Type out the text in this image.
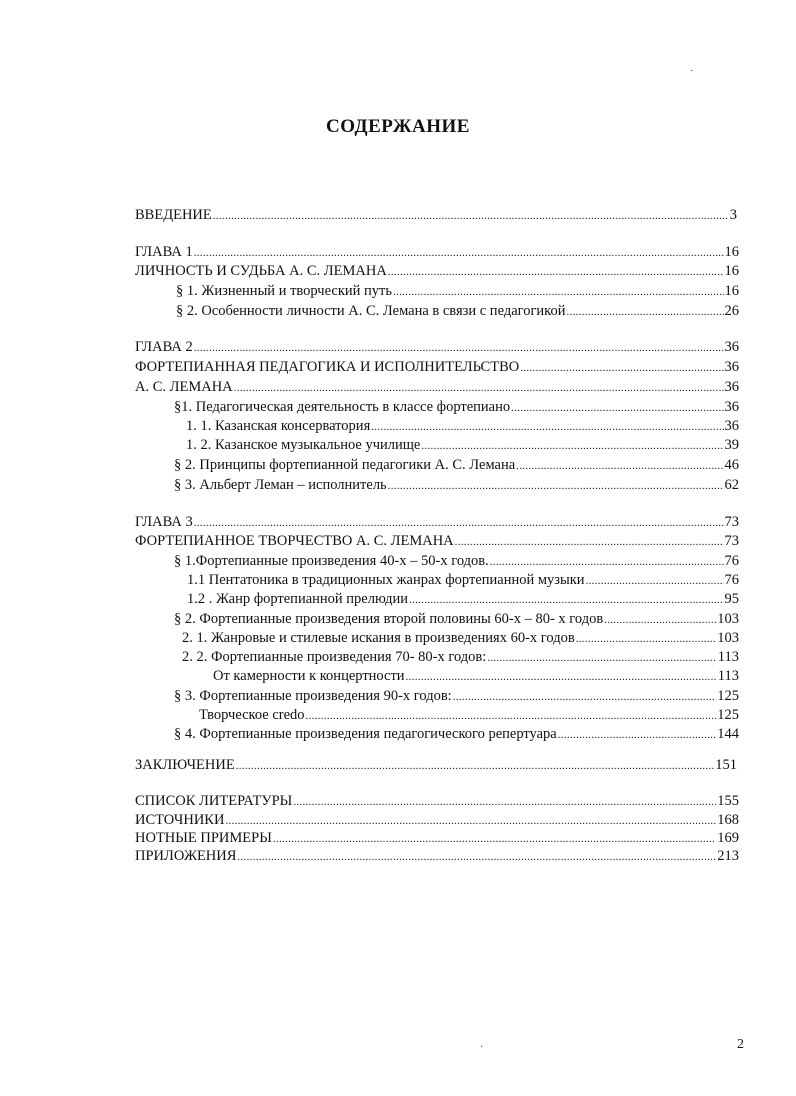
СОДЕРЖАНИЕ
ВВЕДЕНИЕ .....	3
ГЛАВА 1 .....	16
ЛИЧНОСТЬ И СУДЬБА А. С. ЛЕМАНА .....	16
§ 1. Жизненный и творческий путь .....	16
§ 2. Особенности личности А. С. Лемана в связи с педагогикой .....	26
ГЛАВА 2 .....	36
ФОРТЕПИАННАЯ ПЕДАГОГИКА И ИСПОЛНИТЕЛЬСТВО .....	36
А. С. ЛЕМАНА .....	36
§1. Педагогическая деятельность в классе фортепиано .....	36
1. 1. Казанская консерватория .....	36
1. 2. Казанское музыкальное училище .....	39
§ 2. Принципы фортепианной педагогики А. С. Лемана .....	46
§ 3. Альберт Леман – исполнитель .....	62
ГЛАВА 3 .....	73
ФОРТЕПИАННОЕ ТВОРЧЕСТВО А. С. ЛЕМАНА .....	73
§ 1.Фортепианные произведения 40-х – 50-х годов. .....	76
1.1 Пентатоника в традиционных жанрах фортепианной музыки .....	76
1.2 . Жанр фортепианной прелюдии .....	95
§ 2. Фортепианные произведения второй половины 60-х – 80- х годов .....	103
2. 1. Жанровые и стилевые искания в произведениях 60-х годов .....	103
2. 2. Фортепианные произведения 70- 80-х годов: .....	113
От камерности к концертности .....	113
§ 3. Фортепианные произведения 90-х годов: .....	125
Творческое credo .....	125
§ 4. Фортепианные произведения педагогического репертуара .....	144
ЗАКЛЮЧЕНИЕ .....	151
СПИСОК ЛИТЕРАТУРЫ .....	155
ИСТОЧНИКИ .....	168
НОТНЫЕ ПРИМЕРЫ .....	169
ПРИЛОЖЕНИЯ .....	213
2
·
·
